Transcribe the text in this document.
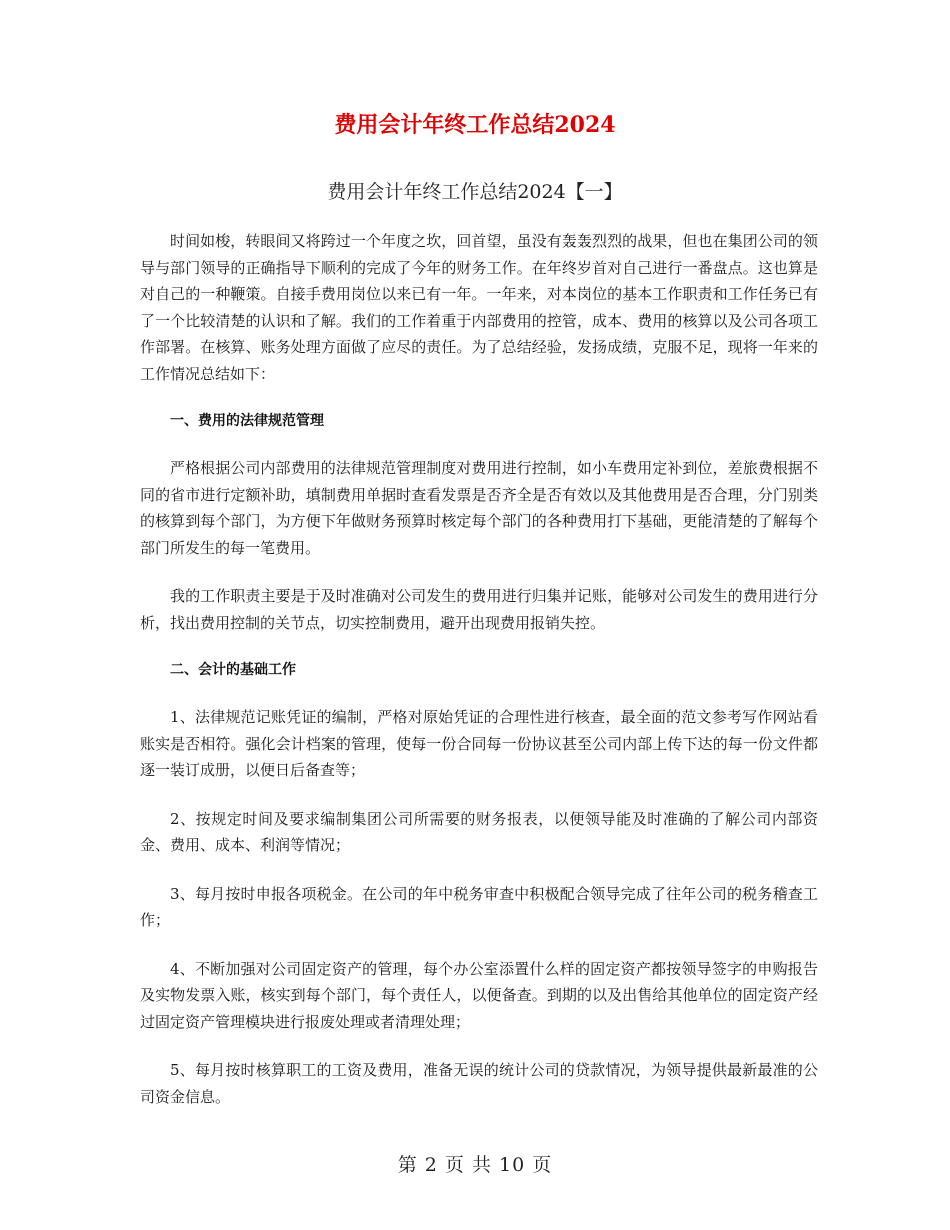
费用会计年终工作总结2024
费用会计年终工作总结2024【一】

时间如梭，转眼间又将跨过一个年度之坎，回首望，虽没有轰轰烈烈的战果，但也在集团公司的领导与部门领导的正确指导下顺利的完成了今年的财务工作。在年终岁首对自己进行一番盘点。这也算是对自己的一种鞭策。自接手费用岗位以来已有一年。一年来，对本岗位的基本工作职责和工作任务已有了一个比较清楚的认识和了解。我们的工作着重于内部费用的控管，成本、费用的核算以及公司各项工作部署。在核算、账务处理方面做了应尽的责任。为了总结经验，发扬成绩，克服不足，现将一年来的工作情况总结如下：

一、费用的法律规范管理

严格根据公司内部费用的法律规范管理制度对费用进行控制，如小车费用定补到位，差旅费根据不同的省市进行定额补助，填制费用单据时查看发票是否齐全是否有效以及其他费用是否合理，分门别类的核算到每个部门，为方便下年做财务预算时核定每个部门的各种费用打下基础，更能清楚的了解每个部门所发生的每一笔费用。

我的工作职责主要是于及时准确对公司发生的费用进行归集并记账，能够对公司发生的费用进行分析，找出费用控制的关节点，切实控制费用，避开出现费用报销失控。

二、会计的基础工作

1、法律规范记账凭证的编制，严格对原始凭证的合理性进行核查，最全面的范文参考写作网站看账实是否相符。强化会计档案的管理，使每一份合同每一份协议甚至公司内部上传下达的每一份文件都逐一装订成册，以便日后备查等；

2、按规定时间及要求编制集团公司所需要的财务报表，以便领导能及时准确的了解公司内部资金、费用、成本、利润等情况；

3、每月按时申报各项税金。在公司的年中税务审查中积极配合领导完成了往年公司的税务稽查工作；

4、不断加强对公司固定资产的管理，每个办公室添置什么样的固定资产都按领导签字的申购报告及实物发票入账，核实到每个部门，每个责任人，以便备查。到期的以及出售给其他单位的固定资产经过固定资产管理模块进行报废处理或者清理处理；

5、每月按时核算职工的工资及费用，准备无误的统计公司的贷款情况，为领导提供最新最准的公司资金信息。

第 2 页 共 10 页
